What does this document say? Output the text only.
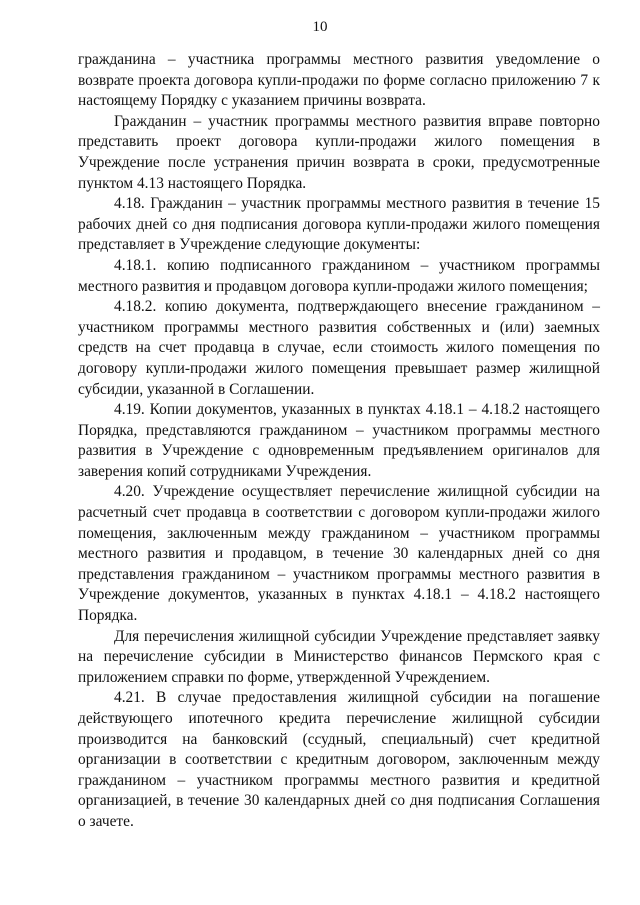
10

гражданина – участника программы местного развития уведомление о возврате проекта договора купли-продажи по форме согласно приложению 7 к настоящему Порядку с указанием причины возврата.

Гражданин – участник программы местного развития вправе повторно представить проект договора купли-продажи жилого помещения в Учреждение после устранения причин возврата в сроки, предусмотренные пунктом 4.13 настоящего Порядка.

4.18. Гражданин – участник программы местного развития в течение 15 рабочих дней со дня подписания договора купли-продажи жилого помещения представляет в Учреждение следующие документы:

4.18.1. копию подписанного гражданином – участником программы местного развития и продавцом договора купли-продажи жилого помещения;

4.18.2. копию документа, подтверждающего внесение гражданином – участником программы местного развития собственных и (или) заемных средств на счет продавца в случае, если стоимость жилого помещения по договору купли-продажи жилого помещения превышает размер жилищной субсидии, указанной в Соглашении.

4.19. Копии документов, указанных в пунктах 4.18.1 – 4.18.2 настоящего Порядка, представляются гражданином – участником программы местного развития в Учреждение с одновременным предъявлением оригиналов для заверения копий сотрудниками Учреждения.

4.20. Учреждение осуществляет перечисление жилищной субсидии на расчетный счет продавца в соответствии с договором купли-продажи жилого помещения, заключенным между гражданином – участником программы местного развития и продавцом, в течение 30 календарных дней со дня представления гражданином – участником программы местного развития в Учреждение документов, указанных в пунктах 4.18.1 – 4.18.2 настоящего Порядка.

Для перечисления жилищной субсидии Учреждение представляет заявку на перечисление субсидии в Министерство финансов Пермского края с приложением справки по форме, утвержденной Учреждением.

4.21. В случае предоставления жилищной субсидии на погашение действующего ипотечного кредита перечисление жилищной субсидии производится на банковский (ссудный, специальный) счет кредитной организации в соответствии с кредитным договором, заключенным между гражданином – участником программы местного развития и кредитной организацией, в течение 30 календарных дней со дня подписания Соглашения о зачете.
